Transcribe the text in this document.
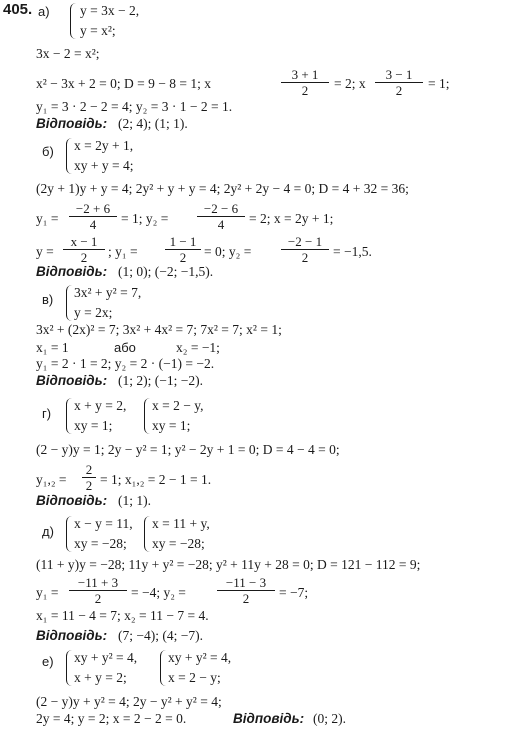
405. а) y = 3x − 2,
y = x²;
3x − 2 = x²;
x² − 3x + 2 = 0; D = 9 − 8 = 1; x
3 + 1
2	= 2; x
3 − 1
2	= 1;
y₁ = 3 · 2 − 2 = 4; y₂ = 3 · 1 − 2 = 1.
Відповідь: (2; 4); (1; 1).
б) x = 2y + 1,
xy + y = 4;
(2y + 1)y + y = 4; 2y² + y + y = 4; 2y² + 2y − 4 = 0; D = 4 + 32 = 36;
y₁ =
−2 + 6
4	= 1; y₂ =
−2 − 6
4	= 2; x = 2y + 1;
y =
x − 1
2	; y₁ =
1 − 1
2	= 0; y₂ =
−2 − 1
2	= −1,5.
Відповідь: (1; 0); (−2; −1,5).
в) 3x² + y² = 7,
y = 2x;
3x² + (2x)² = 7; 3x² + 4x² = 7; 7x² = 7; x² = 1;
x₁ = 1	або	x₂ = −1;
y₁ = 2 · 1 = 2; y₂ = 2 · (−1) = −2.
Відповідь: (1; 2); (−1; −2).
г)
x + y = 2,
xy = 1;
x = 2 − y,
xy = 1;
(2 − y)y = 1; 2y − y² = 1; y² − 2y + 1 = 0; D = 4 − 4 = 0;
y₁,₂ =
2
2 = 1; x₁,₂ = 2 − 1 = 1.
Відповідь: (1; 1).
д)
x − y = 11,
xy = −28;
x = 11 + y,
xy = −28;
(11 + y)y = −28; 11y + y² = −28; y² + 11y + 28 = 0; D = 121 − 112 = 9;
y₁ =
−11 + 3
2	= −4; y₂ =
−11 − 3
2	= −7;
x₁ = 11 − 4 = 7; x₂ = 11 − 7 = 4.
Відповідь: (7; −4); (4; −7).
е) xy + y² = 4,
x + y = 2;
xy + y² = 4,
x = 2 − y;
(2 − y)y + y² = 4; 2y − y² + y² = 4;
2y = 4; y = 2; x = 2 − 2 = 0.	Відповідь: (0; 2).
